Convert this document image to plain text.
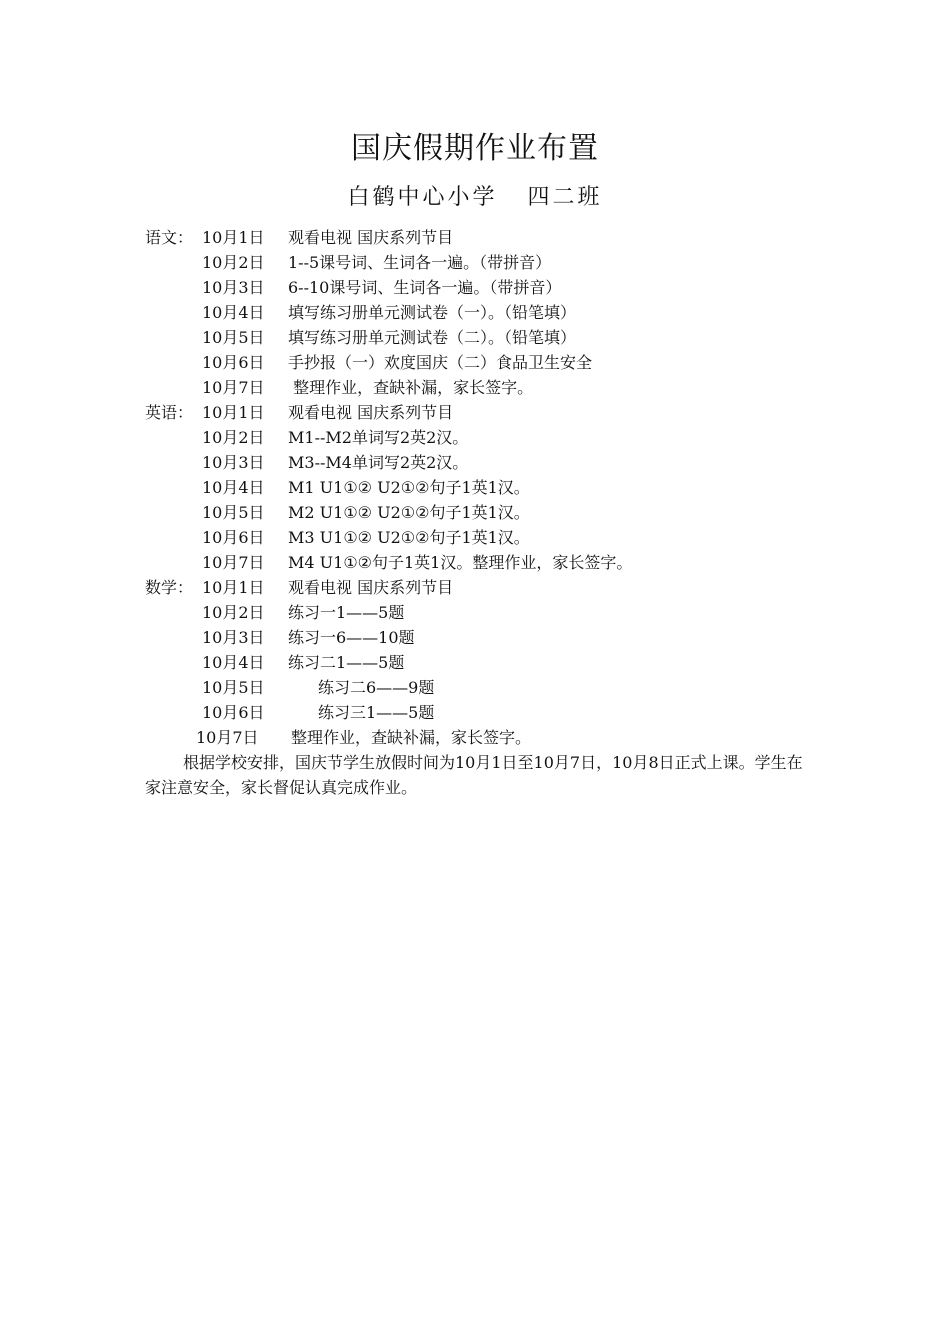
国庆假期作业布置
白鹤中心小学   四二班
语文： 10月1日 观看电视 国庆系列节目
10月2日 1--5课号词、生词各一遍。（带拼音）
10月3日 6--10课号词、生词各一遍。（带拼音）
10月4日 填写练习册单元测试卷（一）。（铅笔填）
10月5日 填写练习册单元测试卷（二）。（铅笔填）
10月6日 手抄报（一）欢度国庆（二）食品卫生安全
10月7日 整理作业，查缺补漏，家长签字。
英语： 10月1日 观看电视 国庆系列节目
10月2日 M1--M2单词写2英2汉。
10月3日 M3--M4单词写2英2汉。
10月4日 M1 U1①② U2①②句子1英1汉。
10月5日 M2 U1①② U2①②句子1英1汉。
10月6日 M3 U1①② U2①②句子1英1汉。
10月7日 M4 U1①②句子1英1汉。整理作业，家长签字。
数学： 10月1日 观看电视 国庆系列节目
10月2日 练习一1——5题
10月3日 练习一6——10题
10月4日 练习二1——5题
10月5日	练习二6——9题
10月6日	练习三1——5题
10月7日 整理作业，查缺补漏，家长签字。

根据学校安排，国庆节学生放假时间为10月1日至10月7日，10月8日正式上课。学生在家注意安全，家长督促认真完成作业。
